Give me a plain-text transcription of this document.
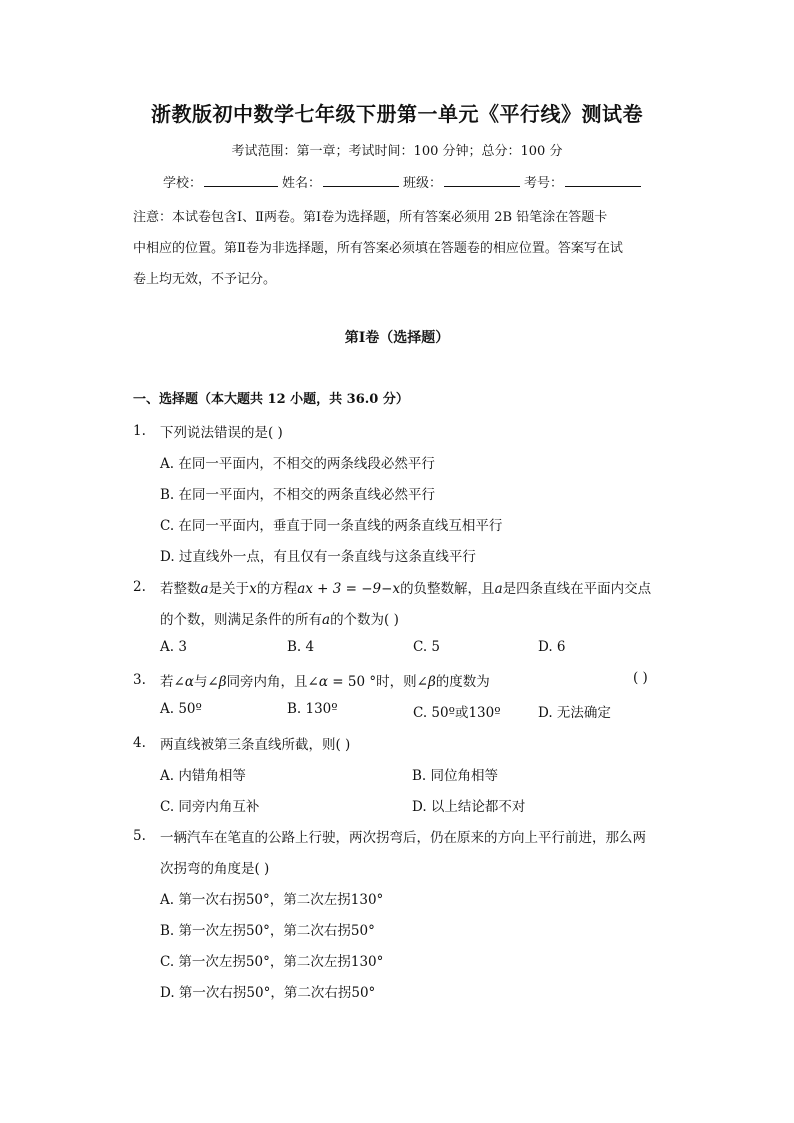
浙教版初中数学七年级下册第一单元《平行线》测试卷
考试范围：第一章；考试时间：100 分钟；总分：100 分
学校：	姓名：	班级：	考号：
注意：本试卷包含Ⅰ、Ⅱ两卷。第Ⅰ卷为选择题，所有答案必须用 2B 铅笔涂在答题卡
中相应的位置。第Ⅱ卷为非选择题，所有答案必须填在答题卷的相应位置。答案写在试
卷上均无效，不予记分。
第Ⅰ卷（选择题）
一、选择题（本大题共 12 小题，共 36.0 分）
1. 下列说法错误的是( )
A. 在同一平面内，不相交的两条线段必然平行
B. 在同一平面内，不相交的两条直线必然平行
C. 在同一平面内，垂直于同一条直线的两条直线互相平行
D. 过直线外一点，有且仅有一条直线与这条直线平行
2. 若整数a是关于x的方程ax + 3 = −9−x的负整数解，且a是四条直线在平面内交点
的个数，则满足条件的所有a的个数为( )
A. 3	B. 4	C. 5	D. 6
3. 若∠α与∠β同旁内角，且∠α = 50 °时，则∠β的度数为	( )
A. 50º	B. 130º	C. 50º或130º	D. 无法确定
4. 两直线被第三条直线所截，则( )
A. 内错角相等	B. 同位角相等
C. 同旁内角互补	D. 以上结论都不对
5. 一辆汽车在笔直的公路上行驶，两次拐弯后，仍在原来的方向上平行前进，那么两
次拐弯的角度是( )
A. 第一次右拐50°，第二次左拐130°
B. 第一次左拐50°，第二次右拐50°
C. 第一次左拐50°，第二次左拐130°
D. 第一次右拐50°，第二次右拐50°
